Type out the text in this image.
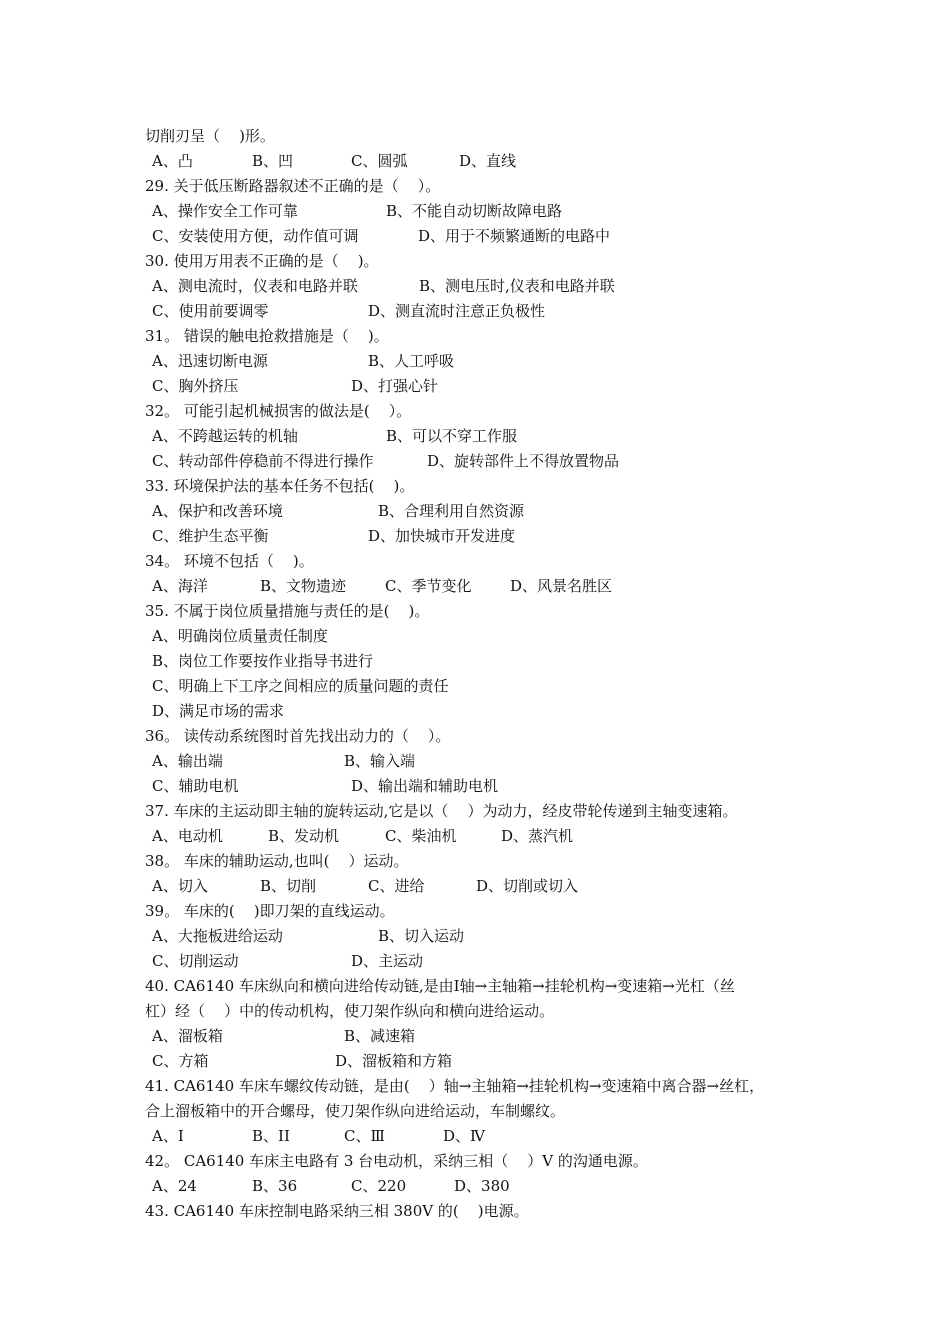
切削刃呈（    )形。

A、凸

	B、凹

	C、圆弧

	D、直线

29. 关于低压断路器叙述不正确的是（    ）。

A、操作安全工作可靠

	B、不能自动切断故障电路

C、安装使用方便，动作值可调

	D、用于不频繁通断的电路中

30. 使用万用表不正确的是（    )。

A、测电流时，仪表和电路并联

	B、测电压时,仪表和电路并联

C、使用前要调零

	D、测直流时注意正负极性

31。 错误的触电抢救措施是（    )。

A、迅速切断电源

	B、人工呼吸

C、胸外挤压

	D、打强心针

32。 可能引起机械损害的做法是(    ）。

A、不跨越运转的机轴

	B、可以不穿工作服

C、转动部件停稳前不得进行操作

	D、旋转部件上不得放置物品

33. 环境保护法的基本任务不包括(    )。

A、保护和改善环境

	B、合理利用自然资源

C、维护生态平衡

	D、加快城市开发进度

34。 环境不包括（    )。

A、海洋

	B、文物遗迹

	C、季节变化

	D、风景名胜区

35. 不属于岗位质量措施与责任的是(    )。
A、明确岗位质量责任制度
B、岗位工作要按作业指导书进行
C、明确上下工序之间相应的质量问题的责任
D、满足市场的需求
36。 读传动系统图时首先找出动力的（    ）。

A、输出端

	B、输入端

C、辅助电机

	D、输出端和辅助电机

37. 车床的主运动即主轴的旋转运动,它是以（    ）为动力，经皮带轮传递到主轴变速箱。

A、电动机

	B、发动机

	C、柴油机

	D、蒸汽机

38。 车床的辅助运动,也叫(    ）运动。

A、切入

	B、切削

	C、进给

	D、切削或切入

39。 车床的(    )即刀架的直线运动。

A、大拖板进给运动

	B、切入运动

C、切削运动

	D、主运动

40. CA6140 车床纵向和横向进给传动链,是由Ⅰ轴→主轴箱→挂轮机构→变速箱→光杠（丝
杠）经（    ）中的传动机构，使刀架作纵向和横向进给运动。

A、溜板箱

	B、减速箱

C、方箱

	D、溜板箱和方箱

41. CA6140 车床车螺纹传动链，是由(    ）轴→主轴箱→挂轮机构→变速箱中离合器→丝杠，
合上溜板箱中的开合螺母，使刀架作纵向进给运动，车制螺纹。

A、Ⅰ

	B、II

	C、Ⅲ

	D、Ⅳ

42。 CA6140 车床主电路有 3 台电动机，采纳三相（    ）V 的沟通电源。

A、24

	B、36

	C、220

	D、380

43. CA6140 车床控制电路采纳三相 380V 的(    )电源。
